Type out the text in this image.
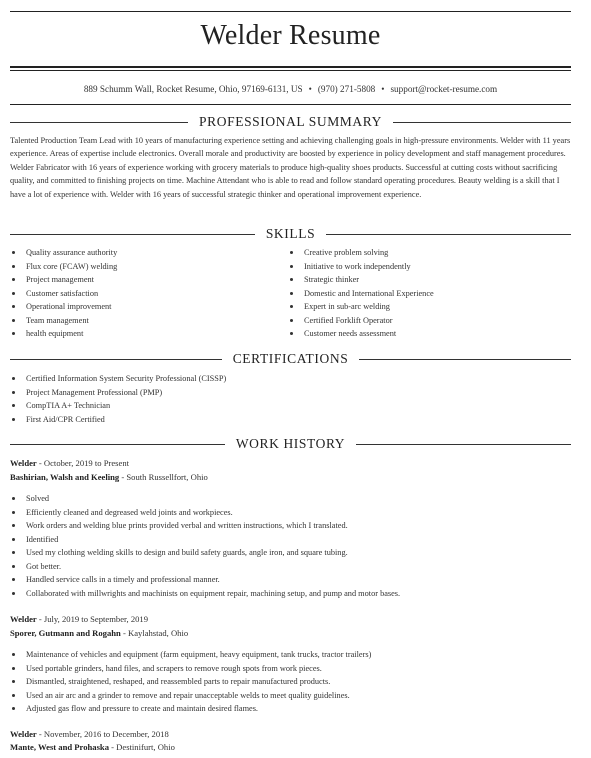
Welder Resume
889 Schumm Wall, Rocket Resume, Ohio, 97169-6131, US • (970) 271-5808 • support@rocket-resume.com
PROFESSIONAL SUMMARY

Talented Production Team Lead with 10 years of manufacturing experience setting and achieving challenging goals in high-pressure environments. Welder with 11 years experience. Areas of expertise include electronics. Overall morale and productivity are boosted by experience in policy development and staff management procedures. Welder Fabricator with 16 years of experience working with grocery materials to produce high-quality shoes products. Successful at cutting costs without sacrificing quality, and committed to finishing projects on time. Machine Attendant who is able to read and follow standard operating procedures. Beauty welding is a skill that I have a lot of experience with. Welder with 16 years of successful strategic thinker and operational improvement experience.

SKILLS
Quality assurance authority
Flux core (FCAW) welding
Project management
Customer satisfaction
Operational improvement
Team management
health equipment
Creative problem solving
Initiative to work independently
Strategic thinker
Domestic and International Experience
Expert in sub-arc welding
Certified Forklift Operator
Customer needs assessment
CERTIFICATIONS
Certified Information System Security Professional (CISSP)
Project Management Professional (PMP)
CompTIA A+ Technician
First Aid/CPR Certified
WORK HISTORY
Welder - October, 2019 to Present
Bashirian, Walsh and Keeling - South Russellfort, Ohio
Solved
Efficiently cleaned and degreased weld joints and workpieces.
Work orders and welding blue prints provided verbal and written instructions, which I translated.
Identified
Used my clothing welding skills to design and build safety guards, angle iron, and square tubing.
Got better.
Handled service calls in a timely and professional manner.
Collaborated with millwrights and machinists on equipment repair, machining setup, and pump and motor bases.
Welder - July, 2019 to September, 2019
Sporer, Gutmann and Rogahn - Kaylahstad, Ohio
Maintenance of vehicles and equipment (farm equipment, heavy equipment, tank trucks, tractor trailers)
Used portable grinders, hand files, and scrapers to remove rough spots from work pieces.
Dismantled, straightened, reshaped, and reassembled parts to repair manufactured products.
Used an air arc and a grinder to remove and repair unacceptable welds to meet quality guidelines.
Adjusted gas flow and pressure to create and maintain desired flames.
Welder - November, 2016 to December, 2018
Mante, West and Prohaska - Destinifurt, Ohio
